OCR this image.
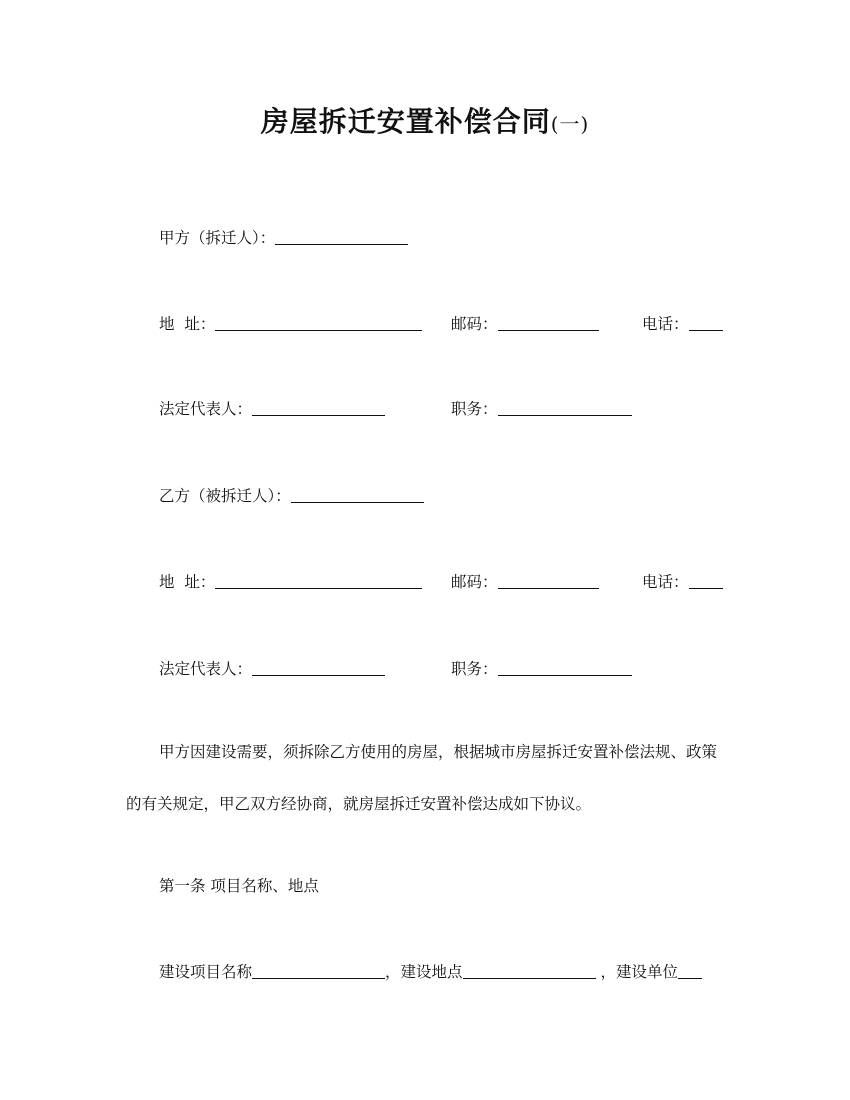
房屋拆迁安置补偿合同(一)
甲方（拆迁人）：
地  址：	邮码：	电话：
法定代表人：	职务：
乙方（被拆迁人）：
地  址：	邮码：	电话：
法定代表人：	职务：
甲方因建设需要，须拆除乙方使用的房屋，根据城市房屋拆迁安置补偿法规、政策的有关规定，甲乙双方经协商，就房屋拆迁安置补偿达成如下协议。
第一条 项目名称、地点
建设项目名称	，建设地点	，建设单位
